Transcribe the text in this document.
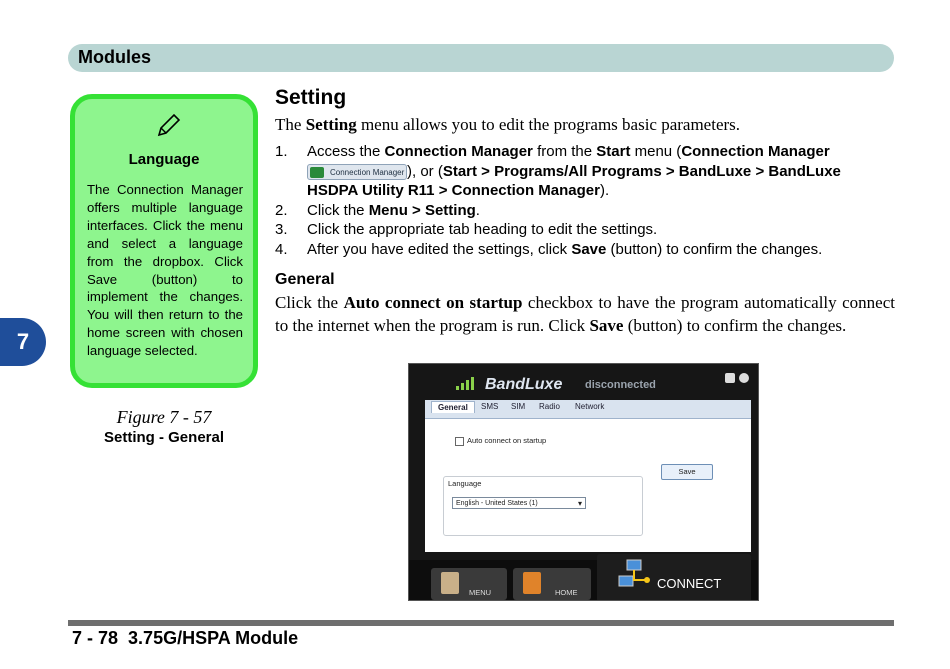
Modules
7
Language
The Connection Manager offers multiple language interfaces. Click the menu and select a language from the dropbox. Click Save (button) to implement the changes. You will then return to the home screen with chosen language selected.
Figure 7 - 57
Setting - General
Setting
The Setting menu allows you to edit the programs basic parameters.
1. Access the Connection Manager from the Start menu (Connection Manager
Connection Manager ), or (Start > Programs/All Programs > BandLuxe > BandLuxe HSDPA Utility R11 > Connection Manager).
2. Click the Menu > Setting.
3. Click the appropriate tab heading to edit the settings.
4. After you have edited the settings, click Save (button) to confirm the changes.
General
Click the Auto connect on startup checkbox to have the program automatically connect to the internet when the program is run. Click Save (button) to confirm the changes.
BandLuxe disconnected
General	SMS SIM Radio Network
Auto connect on startup
Language
English - United States (1) ▾
Save
MENU	HOME
CONNECT
7 - 78 3.75G/HSPA Module
